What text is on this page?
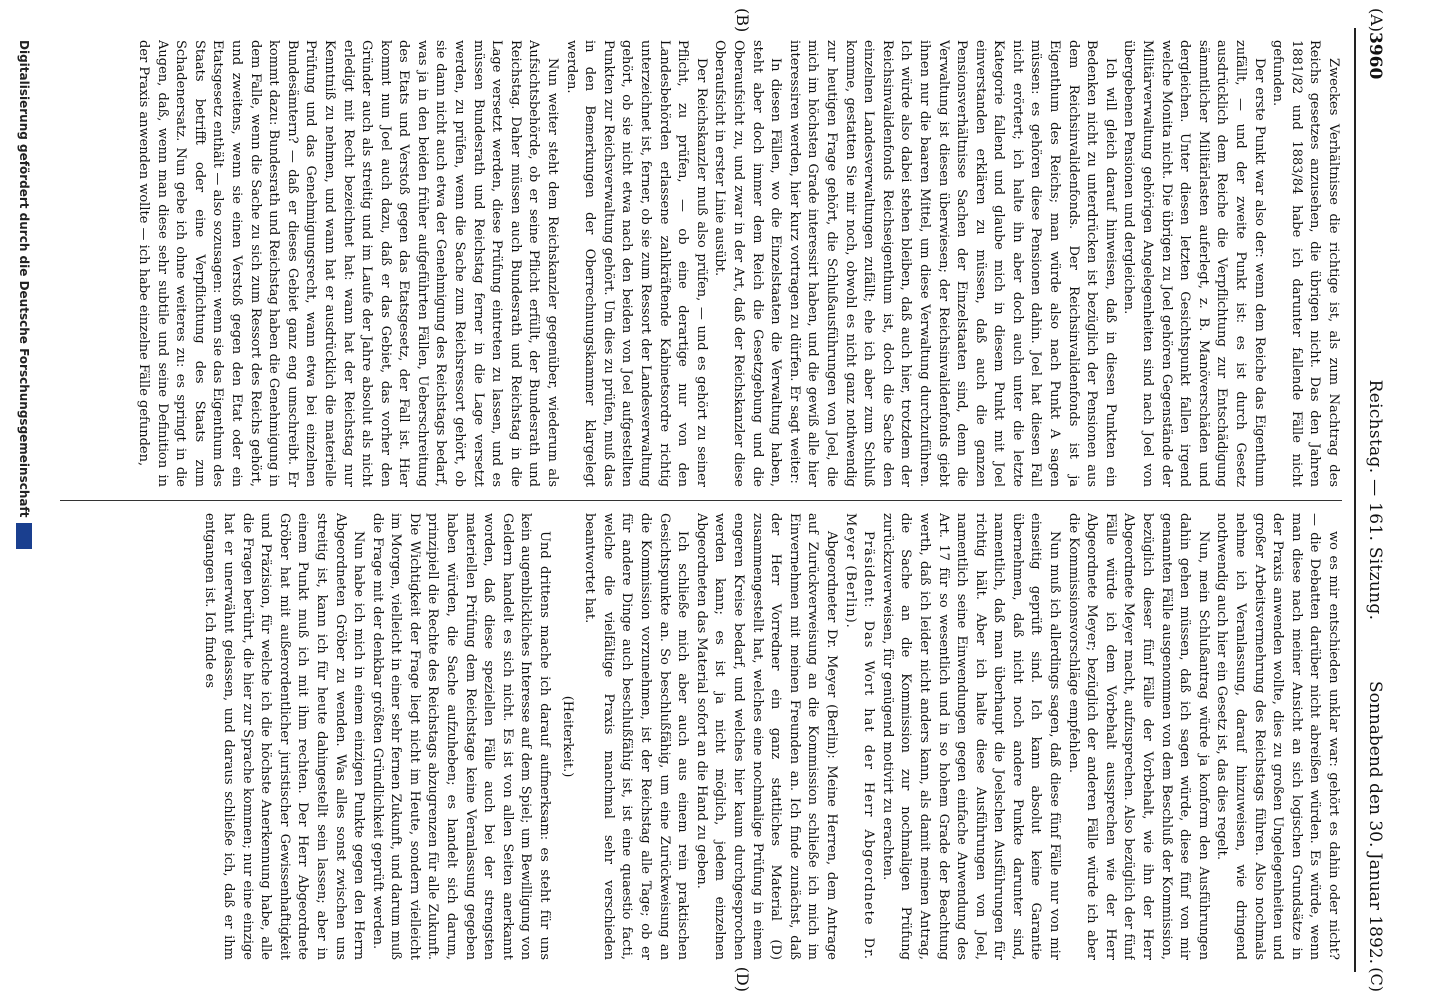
3960
Reichstag. — 161. Sitzung.
Sonnabend den 30. Januar 1892.
(A)
(B)
(C)
(D)

Zweckes Verhältnisse die richtige ist, als zum Nachtrag des Reichs gesetzes anzusehen, die übrigen nicht. Das den Jahren 1881/82 und 1883/84 habe ich darunter fallende Fälle nicht gefunden.

Der erste Punkt war also der: wenn dem Reiche das Eigenthum zufällt, — und der zweite Punkt ist: es ist durch Gesetz ausdrücklich dem Reiche die Verpflichtung zur Entschädigung sämmtlicher Militärlasten auferlegt, z. B. Manöverschäden und dergleichen. Unter diesen letzten Gesichtspunkt fallen irgend welche Monita nicht. Die übrigen zu Joel gehören Gegenstände der Militärverwaltung gehörigen Angelegenheiten sind nach Joel von übergebenen Pensionen und dergleichen.

Ich will gleich darauf hinweisen, daß in diesen Punkten ein Bedenken nicht zu unterdrücken ist bezüglich der Pensionen aus dem Reichsinvalidenfonds. Der Reichsinvalidenfonds ist ja Eigenthum des Reichs; man würde also nach Punkt A sagen müssen: es gehören diese Pensionen dahin. Joel hat diesen Fall nicht erörtert; ich halte ihn aber doch auch unter die letzte Kategorie fallend und glaube mich in diesem Punkt mit Joel einverstanden erklären zu müssen, daß auch die ganzen Pensionsverhältnisse Sachen der Einzelstaaten sind, denn die Verwaltung ist diesen überwiesen; der Reichsinvalidenfonds giebt ihnen nur die baaren Mittel, um diese Verwaltung durchzuführen. Ich würde also dabei stehen bleiben, daß auch hier, trotzdem der Reichsinvalidenfonds Reichseigenthum ist, doch die Sache den einzelnen Landesverwaltungen zufällt; ehe ich aber zum Schluß komme, gestatten Sie mir noch, obwohl es nicht ganz nothwendig zur heutigen Frage gehört, die Schlußausführungen von Joel, die mich im höchsten Grade interessirt haben, und die gewiß alle hier interessiren werden, hier kurz vortragen zu dürfen. Er sagt weiter:

In diesen Fällen, wo die Einzelstaaten die Verwaltung haben, steht aber doch immer dem Reich die Gesetzgebung und die Oberaufsicht zu, und zwar in der Art, daß der Reichskanzler diese Oberaufsicht in erster Linie ausübt.

Der Reichskanzler muß also prüfen, — und es gehört zu seiner Pflicht, zu prüfen, — ob eine derartige nur von den Landesbehörden erlassene zahlkräftende Kabinetsordre richtig unterzeichnet ist, ferner, ob sie zum Ressort der Landesverwaltung gehört, ob sie nicht etwa nach den beiden von Joel aufgestellten Punkten zur Reichsverwaltung gehört. Um dies zu prüfen, muß das in den Bemerkungen der Oberrechnungskammer klargelegt werden.

Nun weiter steht dem Reichskanzler gegenüber, wiederum als Aufsichtsbehörde, ob er seine Pflicht erfüllt, der Bundesrath und Reichstag. Daher müssen auch Bundesrath und Reichstag in die Lage versetzt werden, diese Prüfung eintreten zu lassen, und es müssen Bundesrath und Reichstag ferner in die Lage versetzt werden, zu prüfen, wenn die Sache zum Reichsressort gehört, ob sie dann nicht auch etwa der Genehmigung des Reichstags bedarf, was ja in den beiden früher aufgeführten Fällen, Ueberschreitung des Etats und Verstoß gegen das Etatsgesetz, der Fall ist. Hier kommt nun Joel auch dazu, daß er das Gebiet, das vorher den Gründer auch als streitig und im Laufe der Jahre absolut als nicht erledigt mit Recht bezeichnet hat: wann hat der Reichstag nur Kenntniß zu nehmen, und wann hat er ausdrücklich die materielle Prüfung und das Genehmigungsrecht, wann etwa bei einzelnen Bundesämtern? — daß er dieses Gebiet ganz eng umschreibt. Er kommt dazu: Bundesrath und Reichstag haben die Genehmigung in dem Falle, wenn die Sache zu sich zum Ressort des Reichs gehört, und zweitens, wenn sie einen Verstoß gegen den Etat oder ein Etatsgesetz enthält — also sozusagen: wenn sie das Eigenthum des Staats betrifft oder eine Verpflichtung des Staats zum Schadenersatz. Nun gebe ich ohne weiteres zu: es springt in die Augen, daß, wenn man diese sehr subtile und seine Definition in der Praxis anwenden wollte — ich habe einzelne Fälle gefunden,

wo es mir entschieden unklar war: gehört es dahin oder nicht? — die Debatten darüber nicht abreißen würden. Es würde, wenn man diese nach meiner Ansicht an sich logischen Grundsätze in der Praxis anwenden wollte, dies zu großen Ungelegenheiten und großer Arbeitsvermehrung des Reichstags führen. Also nochmals nehme ich Veranlassung, darauf hinzuweisen, wie dringend nothwendig auch hier ein Gesetz ist, das dies regelt.

Nun, mein Schlußantrag würde ja konform den Ausführungen dahin gehen müssen, daß ich sagen würde, diese fünf von mir genannten Fälle ausgenommen von dem Beschluß der Kommission, bezüglich dieser fünf Fälle der Vorbehalt, wie ihn der Herr Abgeordnete Meyer macht, aufzusprechen. Also bezüglich der fünf Fälle würde ich dem Vorbehalt aussprechen wie der Herr Abgeordnete Meyer; bezüglich der anderen Fälle würde ich aber die Kommissionsvorschläge empfehlen.

Nun muß ich allerdings sagen, daß diese fünf Fälle nur von mir einseitig geprüft sind. Ich kann absolut keine Garantie übernehmen, daß nicht noch andere Punkte darunter sind, namentlich, daß man überhaupt die Joelschen Ausführungen für richtig hält. Aber ich halte diese Ausführungen von Joel, namentlich seine Einwendungen gegen einfache Anwendung des Art. 17 für so wesentlich und in so hohem Grade der Beachtung werth, daß ich leider nicht anders kann, als damit meinen Antrag, die Sache an die Kommission zur nochmaligen Prüfung zurückzuverweisen, für genügend motivirt zu erachten.

Präsident: Das Wort hat der Herr Abgeordnete Dr. Meyer (Berlin).

Abgeordneter Dr. Meyer (Berlin): Meine Herren, dem Antrage auf Zurückverweisung an die Kommission schließe ich mich im Einvernehmen mit meinen Freunden an. Ich finde zunächst, daß der Herr Vorredner ein ganz stattliches Material (D) zusammengestellt hat, welches eine nochmalige Prüfung in einem engeren Kreise bedarf, und welches hier kaum durchgesprochen werden kann; es ist ja nicht möglich, jedem einzelnen Abgeordneten das Material sofort an die Hand zu geben.

Ich schließe mich aber auch aus einem rein praktischen Gesichtspunkte an. So beschlußfähig, um eine Zurückweisung an die Kommission vorzunehmen, ist der Reichstag alle Tage; ob er für andere Dinge auch beschlußfähig ist, ist eine quaestio facti, welche die vielfältige Praxis manchmal sehr verschieden beantwortet hat.

(Heiterkeit.)

Und drittens mache ich darauf aufmerksam: es steht für uns kein augenblickliches Interesse auf dem Spiel; um Bewilligung von Geldern handelt es sich nicht. Es ist von allen Seiten anerkannt worden, daß diese speziellen Fälle auch bei der strengsten materiellen Prüfung dem Reichstage keine Veranlassung gegeben haben würden, die Sache aufzuheben; es handelt sich darum, prinzipiell die Rechte des Reichstags abzugrenzen für alle Zukunft. Die Wichtigkeit der Frage liegt nicht im Heute, sondern vielleicht im Morgen, vielleicht in einer sehr fernen Zukunft, und darum muß die Frage mit der denkbar größten Gründlichkeit geprüft werden.

Nun habe ich mich in einem einzigen Punkte gegen den Herrn Abgeordneten Gröber zu wenden. Was alles sonst zwischen uns streitig ist, kann ich für heute dahingestellt sein lassen; aber in einem Punkt muß ich mit ihm rechten. Der Herr Abgeordnete Gröber hat mit außerordentlicher juristischer Gewissenhaftigkeit und Präzision, für welche ich die höchste Anerkennung habe, alle die Fragen berührt, die hier zur Sprache kommen; nur eine einzige hat er unerwähnt gelassen, und daraus schließe ich, daß er ihm entgangen ist. Ich finde es

Digitalisierung gefördert durch die Deutsche Forschungsgemeinschaft
